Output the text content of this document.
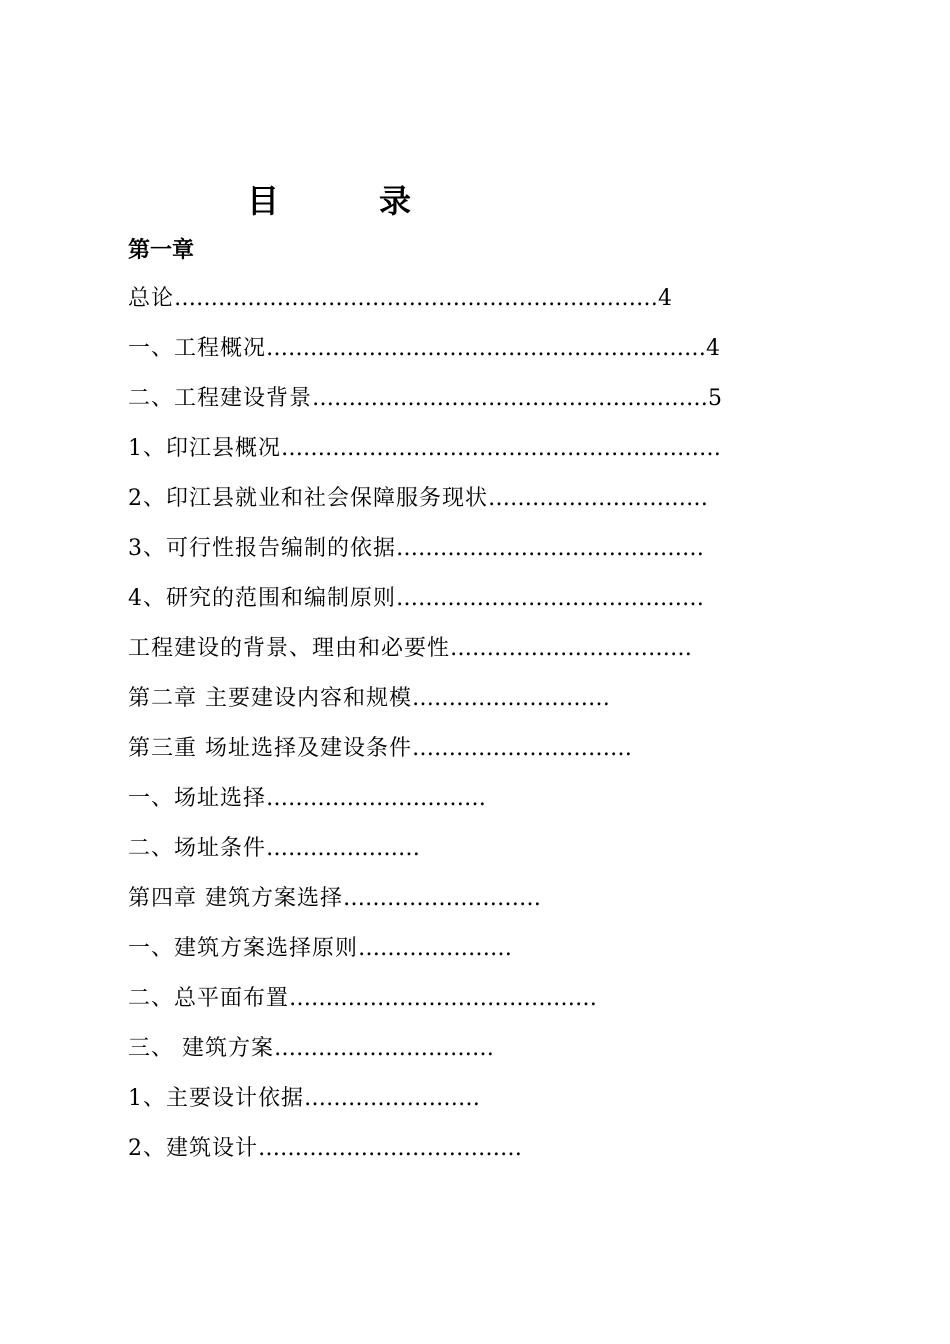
目　录
第一章
总论…………………………………………………………4
一、工程概况……………………………………………………4
二、工程建设背景………………………………………………5
1、印江县概况……………………………………………………
2、印江县就业和社会保障服务现状…………………………
3、可行性报告编制的依据……………………………………
4、研究的范围和编制原则……………………………………
工程建设的背景、理由和必要性……………………………
第二章 主要建设内容和规模………………………
第三重 场址选择及建设条件…………………………
一、场址选择…………………………
二、场址条件…………………
第四章 建筑方案选择………………………
一、建筑方案选择原则…………………
二、总平面布置……………………………………
三、 建筑方案…………………………
1、主要设计依据……………………
2、建筑设计………………………………
